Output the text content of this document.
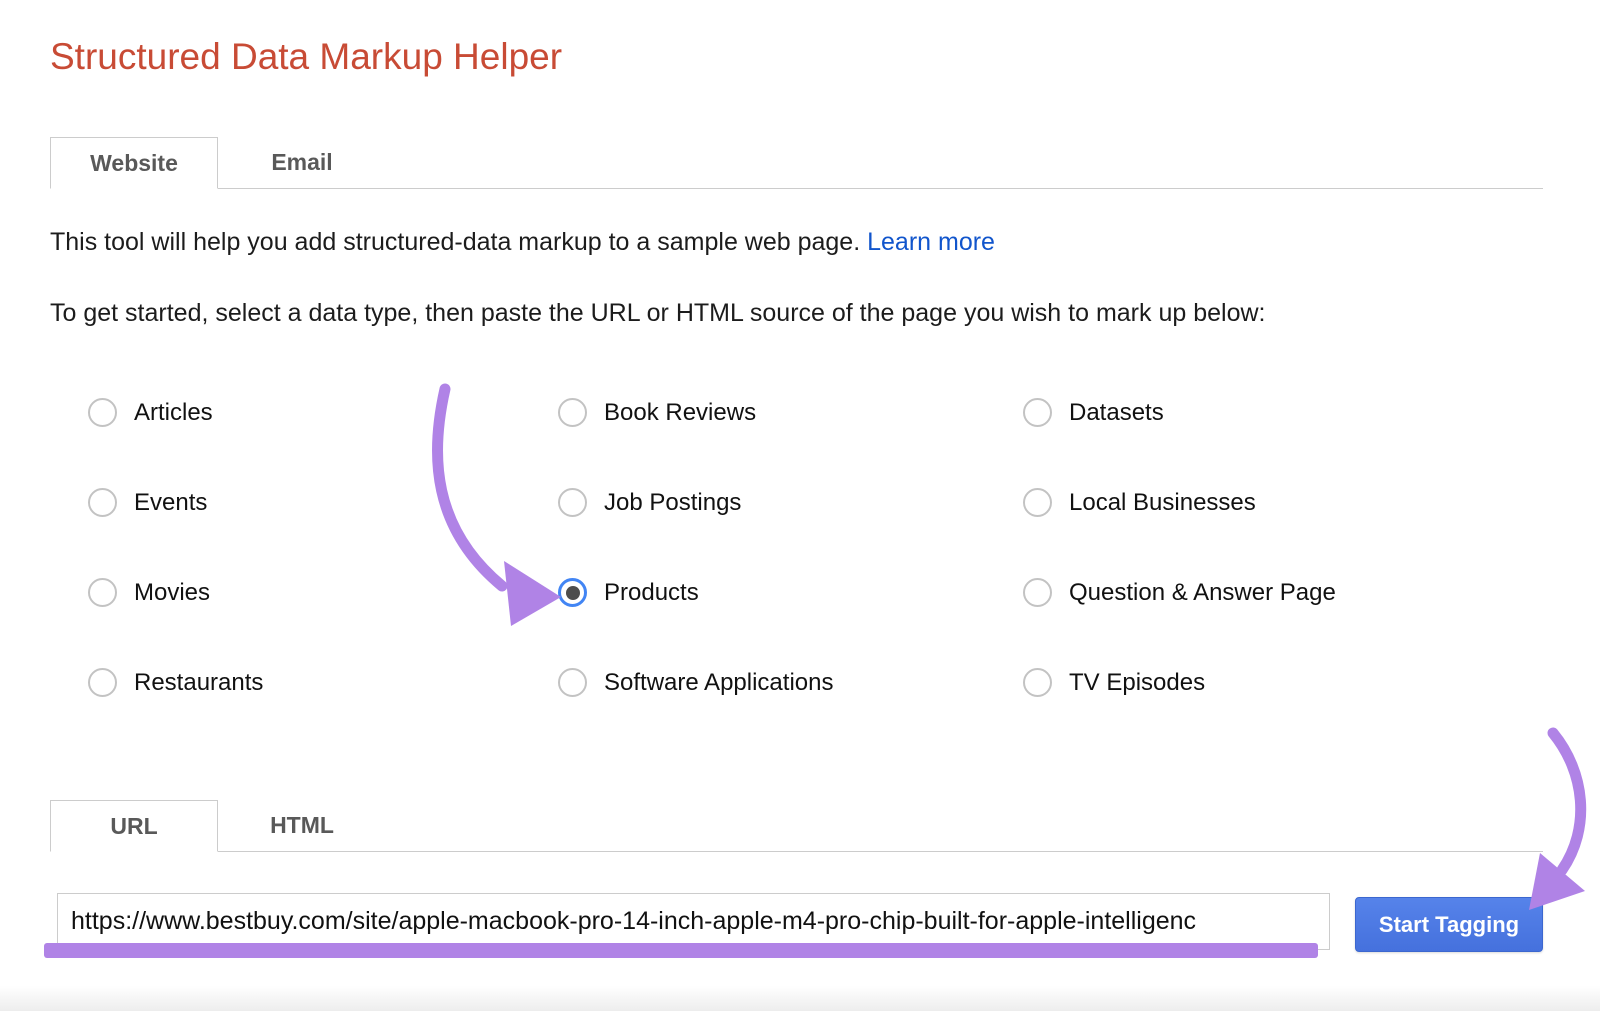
Structured Data Markup Helper
Website	Email

This tool will help you add structured-data markup to a sample web page. Learn more

To get started, select a data type, then paste the URL or HTML source of the page you wish to mark up below:

Articles	Book Reviews	Datasets
Events	Job Postings	Local Businesses
Movies	Products	Question & Answer Page
Restaurants	Software Applications	TV Episodes
URL	HTML
https://www.bestbuy.com/site/apple-macbook-pro-14-inch-apple-m4-pro-chip-built-for-apple-intelligenc
Start Tagging
